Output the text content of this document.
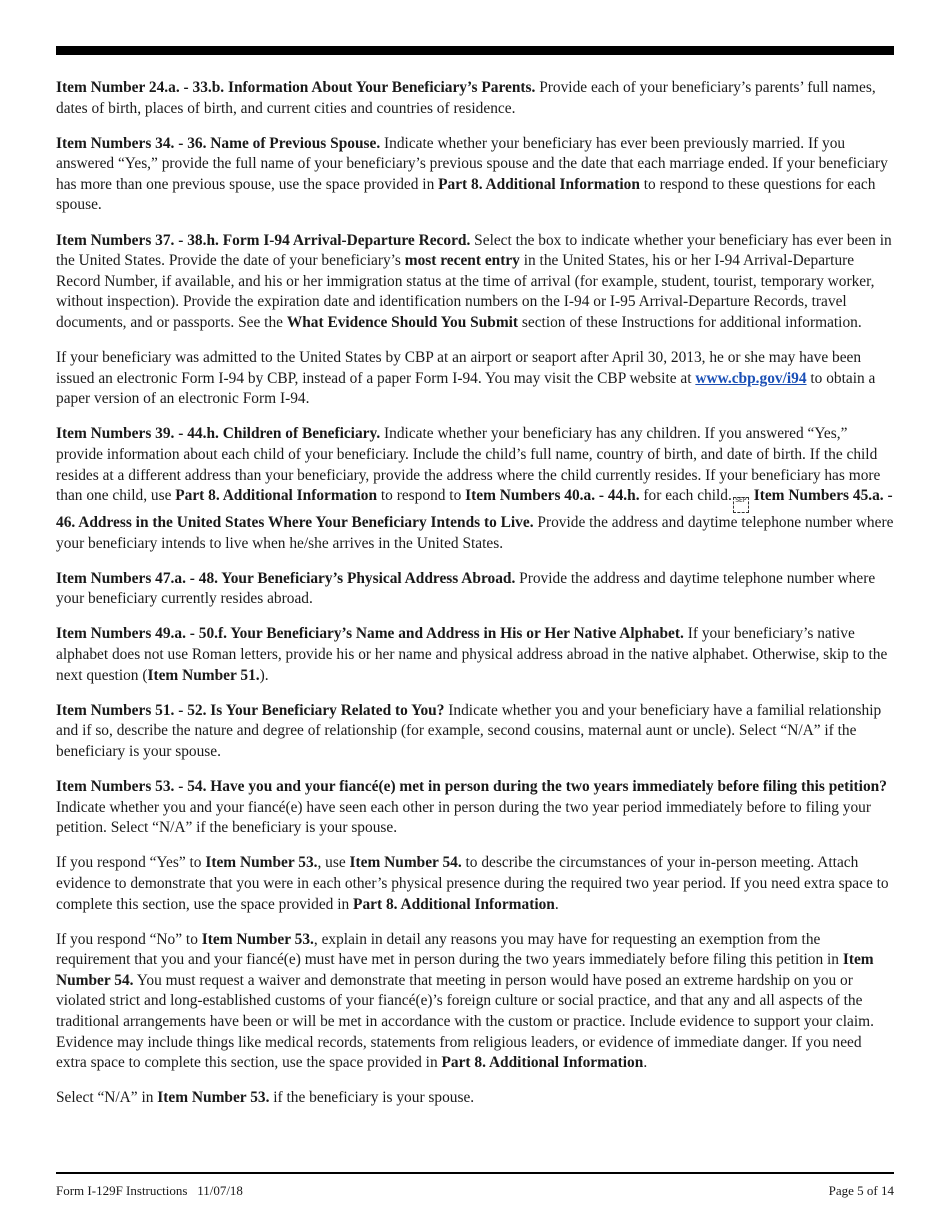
Item Number 24.a. - 33.b. Information About Your Beneficiary’s Parents. Provide each of your beneficiary’s parents’ full names, dates of birth, places of birth, and current cities and countries of residence.

Item Numbers 34. - 36. Name of Previous Spouse. Indicate whether your beneficiary has ever been previously married. If you answered “Yes,” provide the full name of your beneficiary’s previous spouse and the date that each marriage ended. If your beneficiary has more than one previous spouse, use the space provided in Part 8. Additional Information to respond to these questions for each spouse.

Item Numbers 37. - 38.h. Form I-94 Arrival-Departure Record. Select the box to indicate whether your beneficiary has ever been in the United States. Provide the date of your beneficiary’s most recent entry in the United States, his or her I-94 Arrival-Departure Record Number, if available, and his or her immigration status at the time of arrival (for example, student, tourist, temporary worker, without inspection). Provide the expiration date and identification numbers on the I-94 or I-95 Arrival-Departure Records, travel documents, and or passports. See the What Evidence Should You Submit section of these Instructions for additional information.

If your beneficiary was admitted to the United States by CBP at an airport or seaport after April 30, 2013, he or she may have been issued an electronic Form I-94 by CBP, instead of a paper Form I-94. You may visit the CBP website at www.cbp.gov/i94 to obtain a paper version of an electronic Form I-94.

Item Numbers 39. - 44.h. Children of Beneficiary. Indicate whether your beneficiary has any children. If you answered “Yes,” provide information about each child of your beneficiary. Include the child’s full name, country of birth, and date of birth. If the child resides at a different address than your beneficiary, provide the address where the child currently resides. If your beneficiary has more than one child, use Part 8. Additional Information to respond to Item Numbers 40.a. - 44.h. for each child. SEP Item Numbers 45.a. - 46. Address in the United States Where Your Beneficiary Intends to Live. Provide the address and daytime telephone number where your beneficiary intends to live when he/she arrives in the United States.

Item Numbers 47.a. - 48. Your Beneficiary’s Physical Address Abroad. Provide the address and daytime telephone number where your beneficiary currently resides abroad.

Item Numbers 49.a. - 50.f. Your Beneficiary’s Name and Address in His or Her Native Alphabet. If your beneficiary’s native alphabet does not use Roman letters, provide his or her name and physical address abroad in the native alphabet. Otherwise, skip to the next question (Item Number 51.).

Item Numbers 51. - 52. Is Your Beneficiary Related to You? Indicate whether you and your beneficiary have a familial relationship and if so, describe the nature and degree of relationship (for example, second cousins, maternal aunt or uncle). Select “N/A” if the beneficiary is your spouse.

Item Numbers 53. - 54. Have you and your fiancé(e) met in person during the two years immediately before filing this petition? Indicate whether you and your fiancé(e) have seen each other in person during the two year period immediately before to filing your petition. Select “N/A” if the beneficiary is your spouse.

If you respond “Yes” to Item Number 53., use Item Number 54. to describe the circumstances of your in-person meeting. Attach evidence to demonstrate that you were in each other’s physical presence during the required two year period. If you need extra space to complete this section, use the space provided in Part 8. Additional Information.

If you respond “No” to Item Number 53., explain in detail any reasons you may have for requesting an exemption from the requirement that you and your fiancé(e) must have met in person during the two years immediately before filing this petition in Item Number 54. You must request a waiver and demonstrate that meeting in person would have posed an extreme hardship on you or violated strict and long-established customs of your fiancé(e)’s foreign culture or social practice, and that any and all aspects of the traditional arrangements have been or will be met in accordance with the custom or practice. Include evidence to support your claim. Evidence may include things like medical records, statements from religious leaders, or evidence of immediate danger. If you need extra space to complete this section, use the space provided in Part 8. Additional Information.

Select “N/A” in Item Number 53. if the beneficiary is your spouse.

Form I-129F Instructions   11/07/18	Page 5 of 14
